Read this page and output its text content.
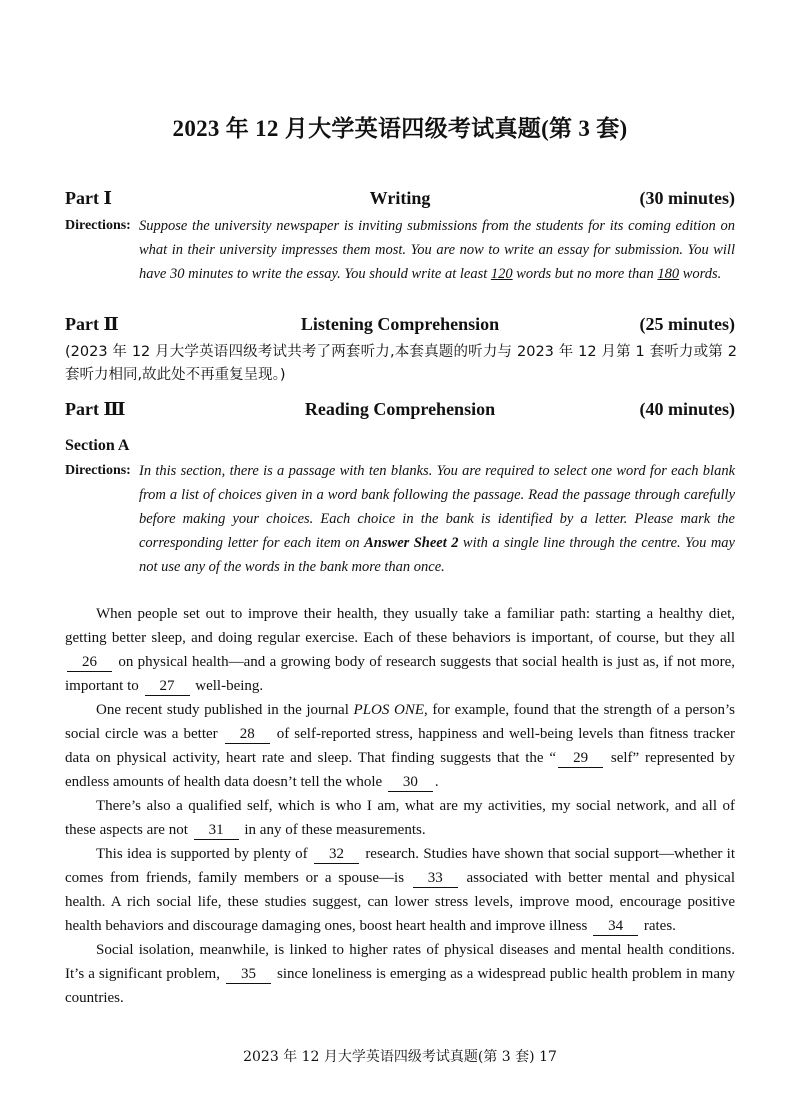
2023 年 12 月大学英语四级考试真题(第 3 套)
Part Ⅰ	Writing	(30 minutes)
Directions: Suppose the university newspaper is inviting submissions from the students for its coming edition on what in their university impresses them most. You are now to write an essay for submission. You will have 30 minutes to write the essay. You should write at least 120 words but no more than 180 words.
Part Ⅱ	Listening Comprehension	(25 minutes)
(2023 年 12 月大学英语四级考试共考了两套听力,本套真题的听力与 2023 年 12 月第 1 套听力或第 2 套听力相同,故此处不再重复呈现。)
Part Ⅲ	Reading Comprehension	(40 minutes)
Section A
Directions: In this section, there is a passage with ten blanks. You are required to select one word for each blank from a list of choices given in a word bank following the passage. Read the passage through carefully before making your choices. Each choice in the bank is identified by a letter. Please mark the corresponding letter for each item on Answer Sheet 2 with a single line through the centre. You may not use any of the words in the bank more than once.

When people set out to improve their health, they usually take a familiar path: starting a healthy diet, getting better sleep, and doing regular exercise. Each of these behaviors is important, of course, but they all 26 on physical health—and a growing body of research suggests that social health is just as, if not more, important to 27 well-being.

One recent study published in the journal PLOS ONE, for example, found that the strength of a person’s social circle was a better 28 of self-reported stress, happiness and well-being levels than fitness tracker data on physical activity, heart rate and sleep. That finding suggests that the “ 29 self” represented by endless amounts of health data doesn’t tell the whole 30 .

There’s also a qualified self, which is who I am, what are my activities, my social network, and all of these aspects are not 31 in any of these measurements.

This idea is supported by plenty of 32 research. Studies have shown that social support—whether it comes from friends, family members or a spouse—is 33 associated with better mental and physical health. A rich social life, these studies suggest, can lower stress levels, improve mood, encourage positive health behaviors and discourage damaging ones, boost heart health and improve illness 34 rates.

Social isolation, meanwhile, is linked to higher rates of physical diseases and mental health conditions. It’s a significant problem, 35 since loneliness is emerging as a widespread public health problem in many countries.

2023 年 12 月大学英语四级考试真题(第 3 套) 17
